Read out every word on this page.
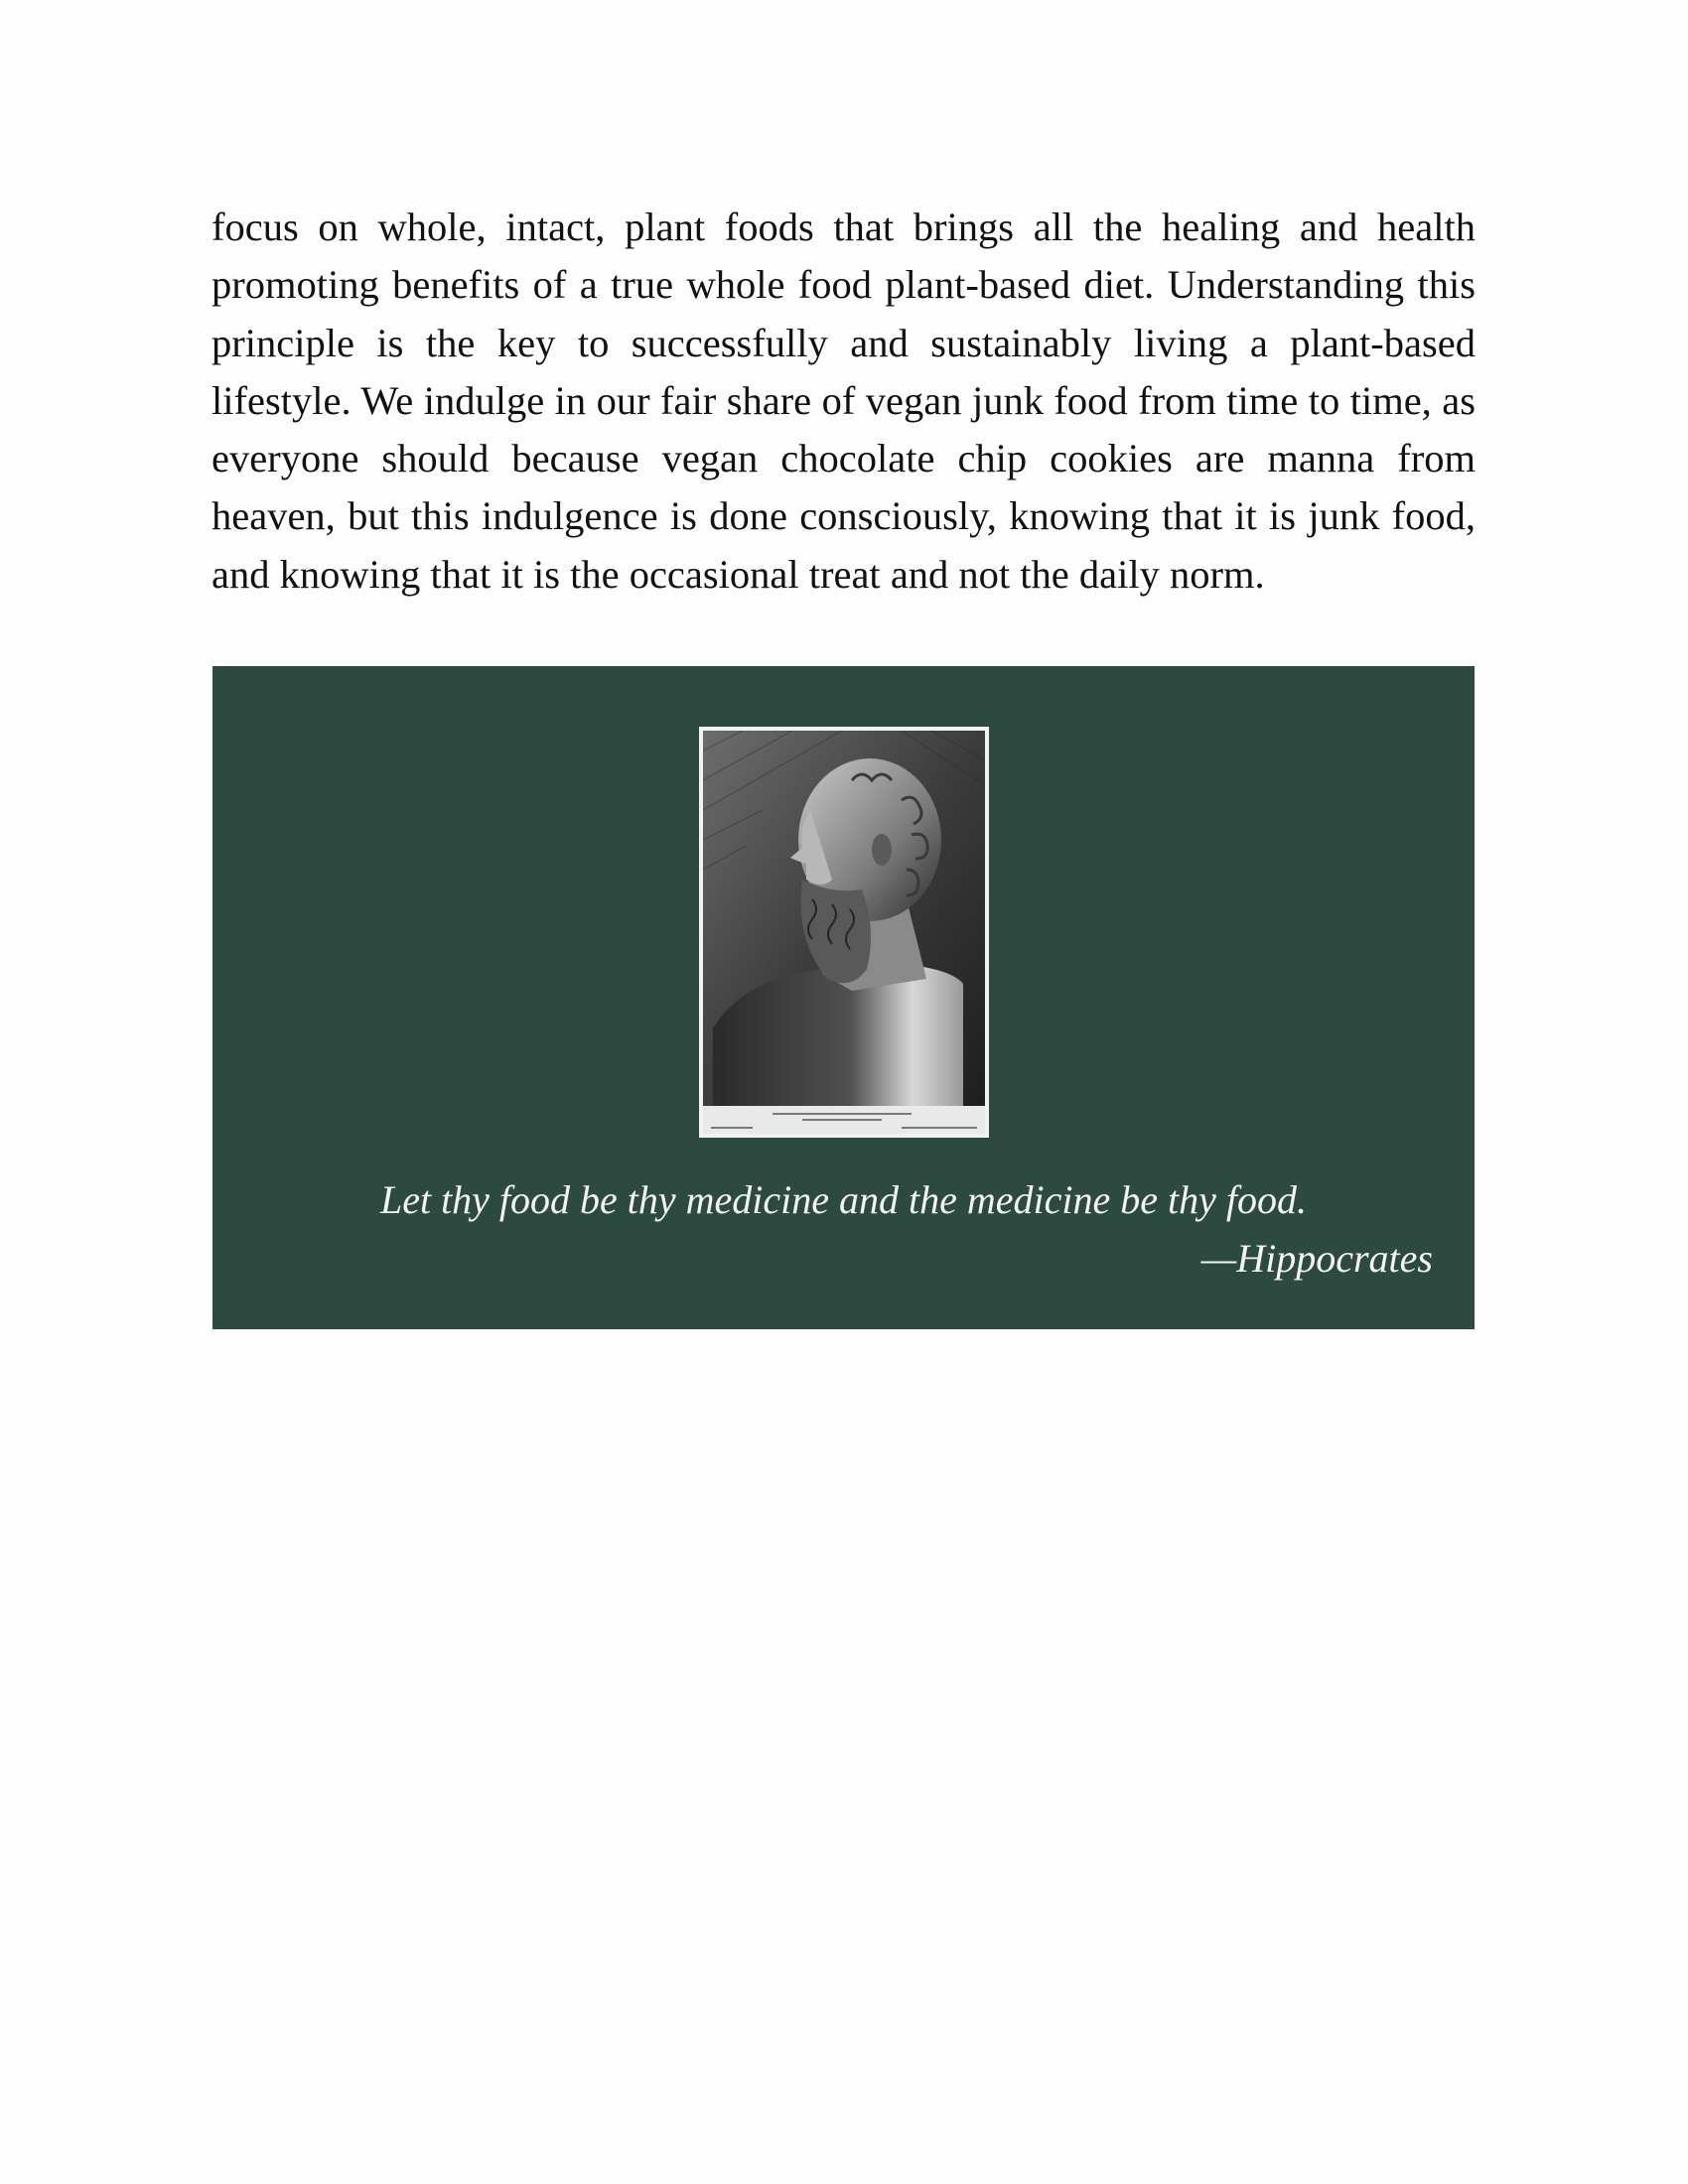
focus on whole, intact, plant foods that brings all the healing and health promoting benefits of a true whole food plant-based diet. Understanding this principle is the key to successfully and sustainably living a plant-based lifestyle. We indulge in our fair share of vegan junk food from time to time, as everyone should because vegan chocolate chip cookies are manna from heaven, but this indulgence is done consciously, knowing that it is junk food, and knowing that it is the occasional treat and not the daily norm.

Let thy food be thy medicine and the medicine be thy food.

—Hippocrates
